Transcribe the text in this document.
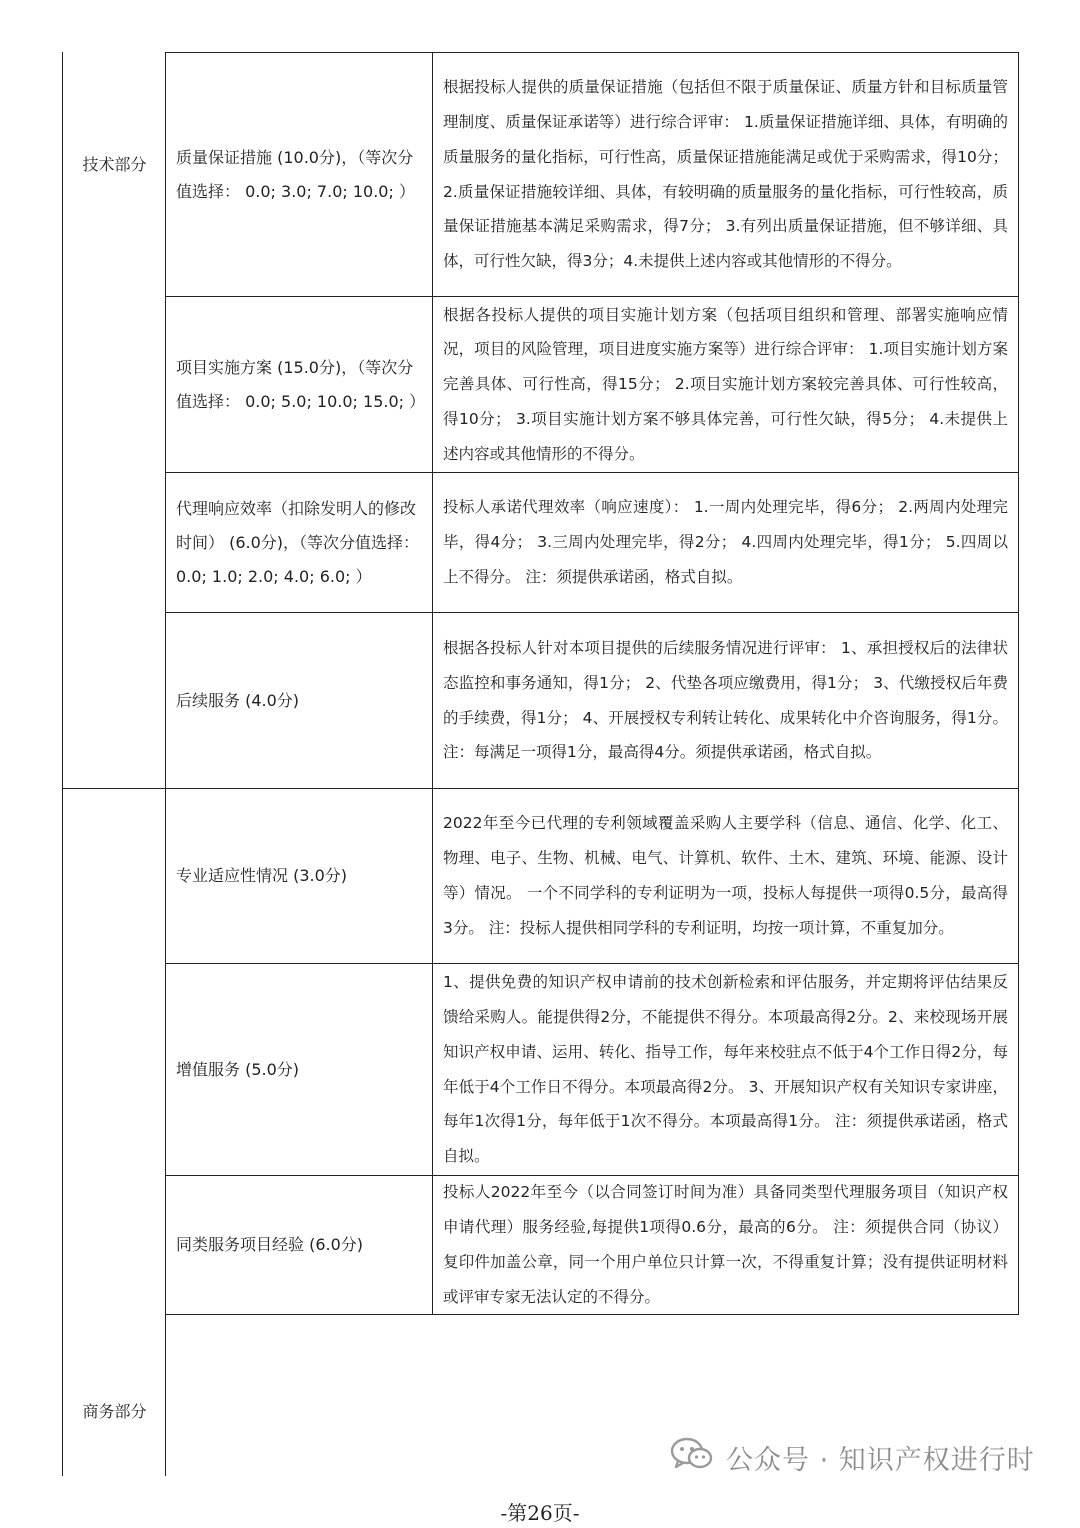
技术部分
商务部分
质量保证措施 (10.0分)，（等次分值选择： 0.0; 3.0; 7.0; 10.0; ）
根据投标人提供的质量保证措施（包括但不限于质量保证、质量方针和目标质量管理制度、质量保证承诺等）进行综合评审： 1.质量保证措施详细、具体，有明确的质量服务的量化指标，可行性高，质量保证措施能满足或优于采购需求，得10分； 2.质量保证措施较详细、具体，有较明确的质量服务的量化指标，可行性较高，质量保证措施基本满足采购需求，得7分； 3.有列出质量保证措施，但不够详细、具体，可行性欠缺，得3分；4.未提供上述内容或其他情形的不得分。
项目实施方案 (15.0分)，（等次分值选择： 0.0; 5.0; 10.0; 15.0; ）
根据各投标人提供的项目实施计划方案（包括项目组织和管理、部署实施响应情况，项目的风险管理，项目进度实施方案等）进行综合评审： 1.项目实施计划方案完善具体、可行性高，得15分； 2.项目实施计划方案较完善具体、可行性较高，得10分； 3.项目实施计划方案不够具体完善，可行性欠缺，得5分； 4.未提供上述内容或其他情形的不得分。
代理响应效率（扣除发明人的修改时间） (6.0分)，（等次分值选择： 0.0; 1.0; 2.0; 4.0; 6.0; ）
投标人承诺代理效率（响应速度）： 1.一周内处理完毕，得6分； 2.两周内处理完毕，得4分； 3.三周内处理完毕，得2分； 4.四周内处理完毕，得1分； 5.四周以上不得分。 注：须提供承诺函，格式自拟。
后续服务 (4.0分)
根据各投标人针对本项目提供的后续服务情况进行评审： 1、承担授权后的法律状态监控和事务通知，得1分； 2、代垫各项应缴费用，得1分； 3、代缴授权后年费的手续费，得1分； 4、开展授权专利转让转化、成果转化中介咨询服务，得1分。 注：每满足一项得1分，最高得4分。须提供承诺函，格式自拟。
专业适应性情况 (3.0分)
2022年至今已代理的专利领域覆盖采购人主要学科（信息、通信、化学、化工、物理、电子、生物、机械、电气、计算机、软件、土木、建筑、环境、能源、设计等）情况。 一个不同学科的专利证明为一项，投标人每提供一项得0.5分，最高得3分。 注：投标人提供相同学科的专利证明，均按一项计算，不重复加分。
增值服务 (5.0分)
1、提供免费的知识产权申请前的技术创新检索和评估服务，并定期将评估结果反馈给采购人。能提供得2分，不能提供不得分。本项最高得2分。2、来校现场开展知识产权申请、运用、转化、指导工作，每年来校驻点不低于4个工作日得2分，每年低于4个工作日不得分。本项最高得2分。 3、开展知识产权有关知识专家讲座，每年1次得1分，每年低于1次不得分。本项最高得1分。 注：须提供承诺函，格式自拟。
同类服务项目经验 (6.0分)
投标人2022年至今（以合同签订时间为准）具备同类型代理服务项目（知识产权申请代理）服务经验,每提供1项得0.6分，最高的6分。 注：须提供合同（协议）复印件加盖公章，同一个用户单位只计算一次，不得重复计算；没有提供证明材料或评审专家无法认定的不得分。
公众号 · 知识产权进行时
-第26页-
